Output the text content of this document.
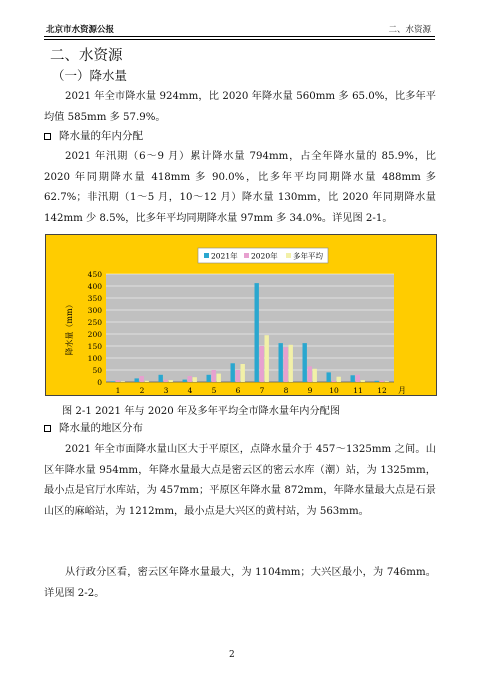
北京市水资源公报	二、水资源
二、水资源
（一）降水量

2021 年全市降水量 924mm，比 2020 年降水量 560mm 多 65.0%，比多年平均值 585mm 多 57.9%。

降水量的年内分配

2021 年汛期（6～9 月）累计降水量 794mm，占全年降水量的 85.9%，比 2020 年同期降水量 418mm 多 90.0%，比多年平均同期降水量 488mm 多 62.7%；非汛期（1～5 月，10～12 月）降水量 130mm，比 2020 年同期降水量 142mm 少 8.5%，比多年平均同期降水量 97mm 多 34.0%。详见图 2-1。

2021年 2020年 多年平均
0
50
100
150
200
250
300
350
400
450
1	2	3	4	5	6	7	8	9 10 11 12
降水量（mm）
月
图 2-1 2021 年与 2020 年及多年平均全市降水量年内分配图
降水量的地区分布

2021 年全市面降水量山区大于平原区，点降水量介于 457～1325mm 之间。山区年降水量 954mm，年降水量最大点是密云区的密云水库（潮）站，为 1325mm，最小点是官厅水库站，为 457mm；平原区年降水量 872mm，年降水量最大点是石景山区的麻峪站，为 1212mm，最小点是大兴区的黄村站，为 563mm。

从行政分区看，密云区年降水量最大，为 1104mm；大兴区最小，为 746mm。详见图 2-2。

2
